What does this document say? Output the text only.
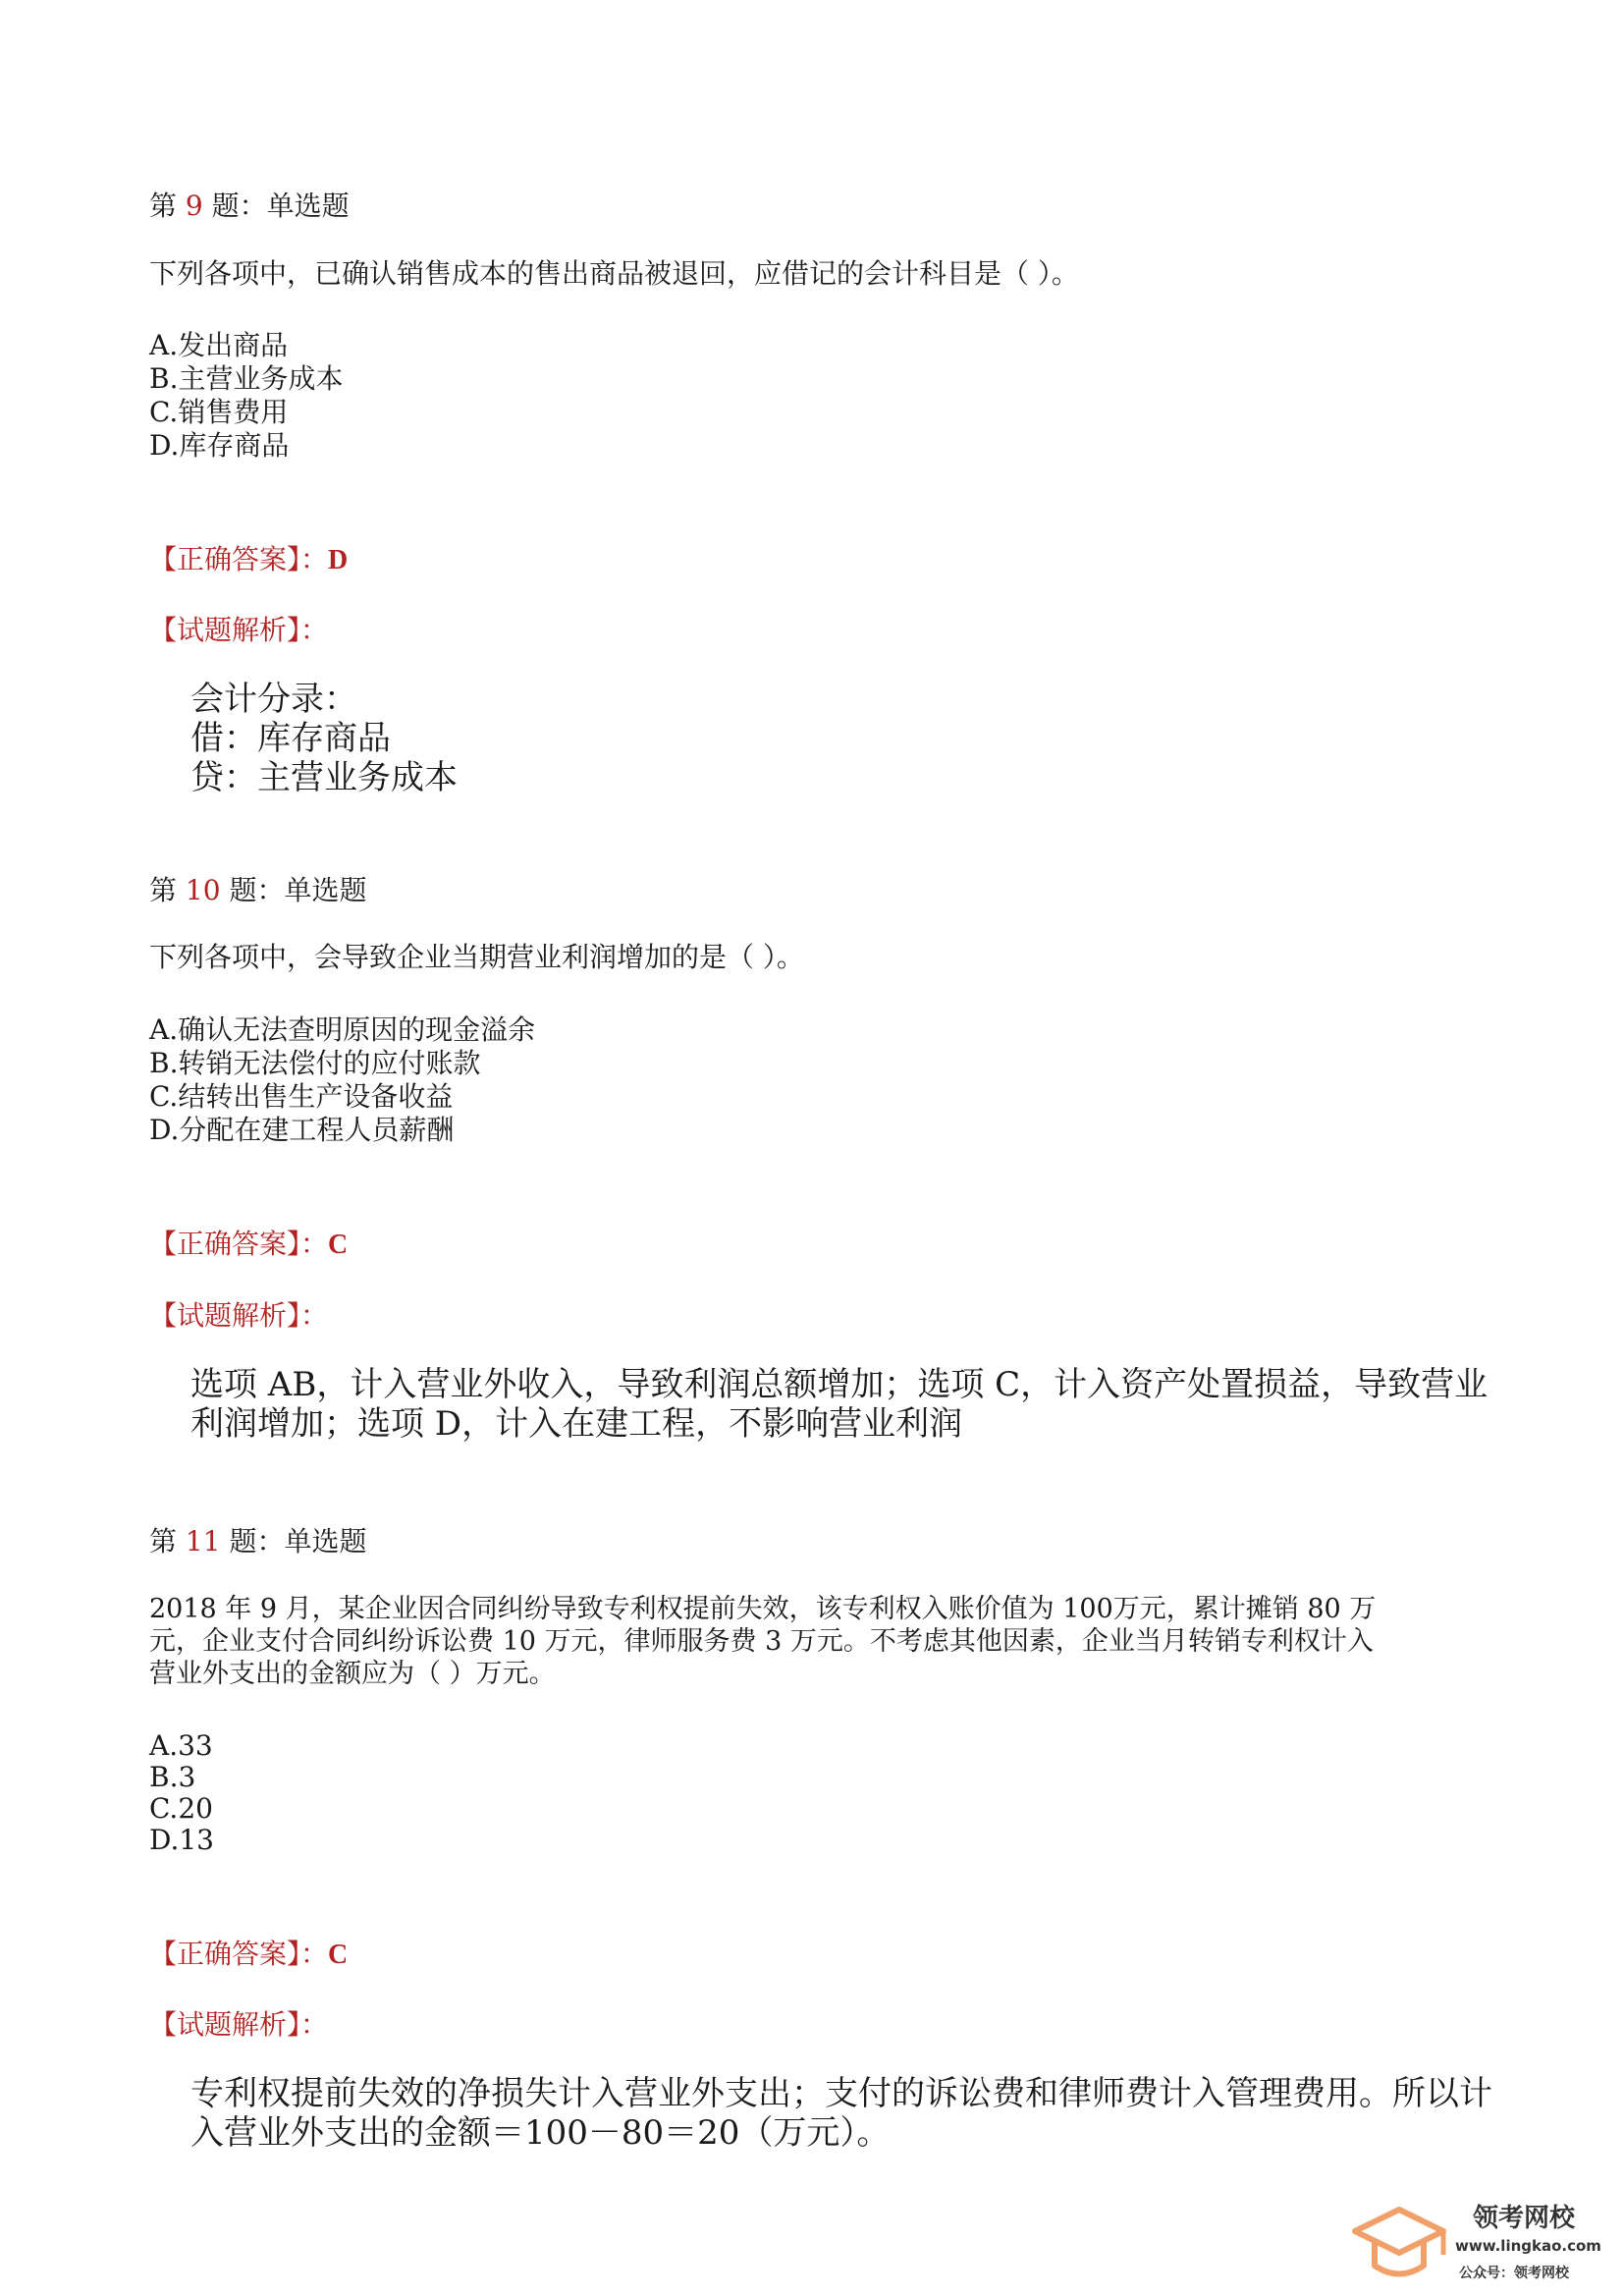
第 9 题：单选题
下列各项中，已确认销售成本的售出商品被退回，应借记的会计科目是（ ）。
A.发出商品
B.主营业务成本
C.销售费用
D.库存商品
【正确答案】：D
【试题解析】：
会计分录：
借：库存商品
贷：主营业务成本
第 10 题：单选题
下列各项中，会导致企业当期营业利润增加的是（ ）。
A.确认无法查明原因的现金溢余
B.转销无法偿付的应付账款
C.结转出售生产设备收益
D.分配在建工程人员薪酬
【正确答案】：C
【试题解析】：
选项 AB，计入营业外收入，导致利润总额增加；选项 C，计入资产处置损益，导致营业
利润增加；选项 D，计入在建工程，不影响营业利润
第 11 题：单选题
2018 年 9 月，某企业因合同纠纷导致专利权提前失效，该专利权入账价值为 100万元，累计摊销 80 万
元，企业支付合同纠纷诉讼费 10 万元，律师服务费 3 万元。不考虑其他因素，企业当月转销专利权计入
营业外支出的金额应为（ ）万元。
A.33
B.3
C.20
D.13
【正确答案】：C
【试题解析】：
专利权提前失效的净损失计入营业外支出；支付的诉讼费和律师费计入管理费用。所以计
入营业外支出的金额＝100－80＝20（万元）。
领考网校
www.lingkao.com
公众号：领考网校
